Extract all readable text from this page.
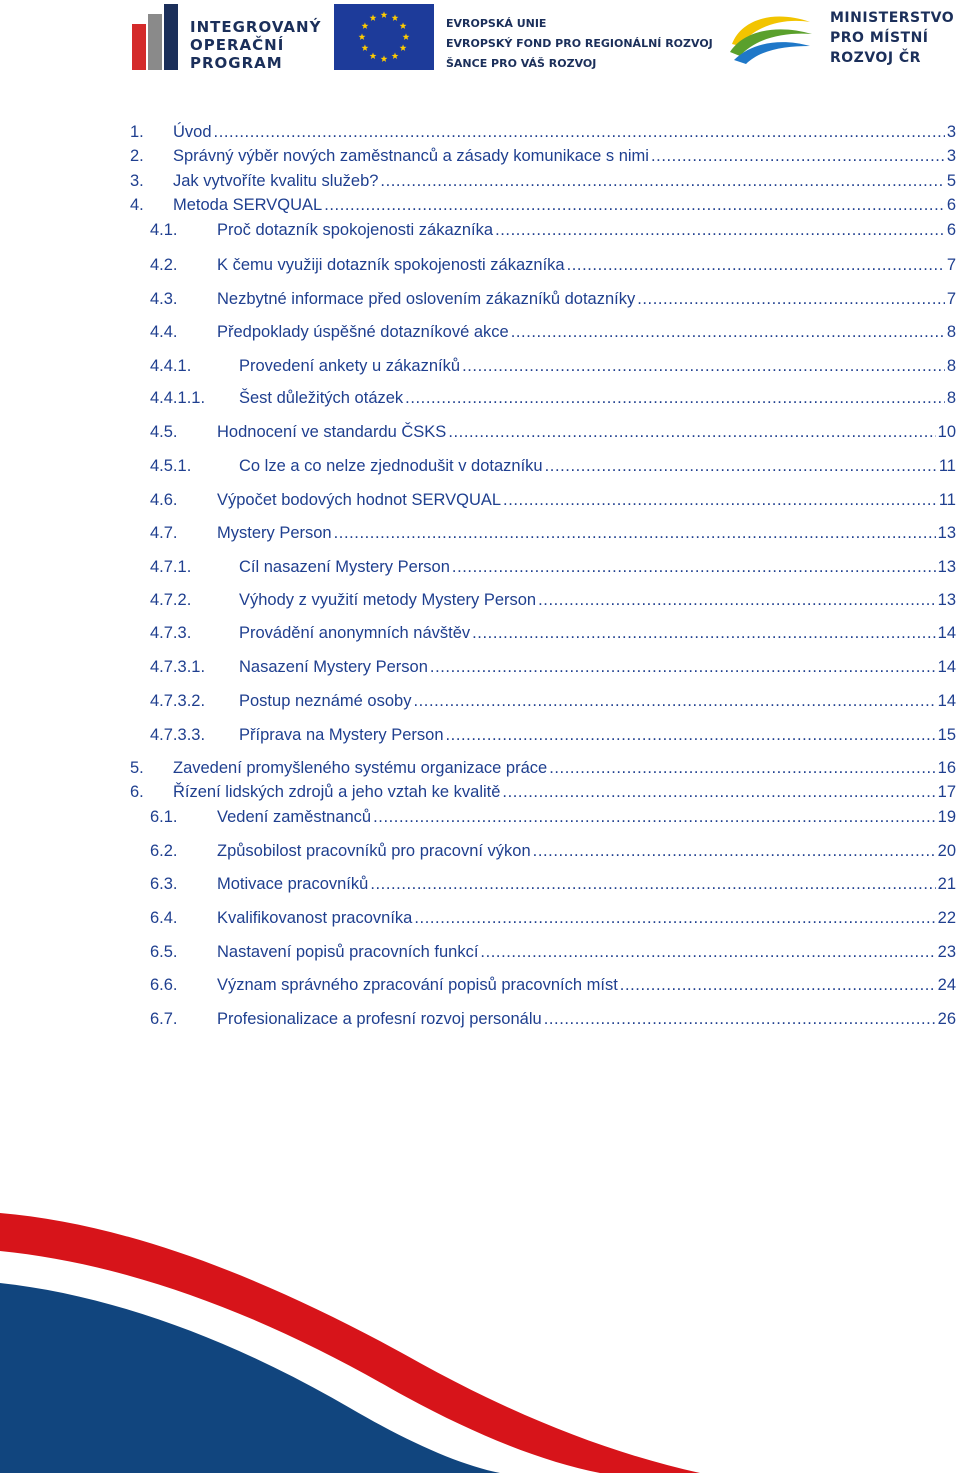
INTEGROVANÝ
OPERAČNÍ
PROGRAM
EVROPSKÁ UNIE
EVROPSKÝ FOND PRO REGIONÁLNÍ ROZVOJ
ŠANCE PRO VÁŠ ROZVOJ
MINISTERSTVO
PRO MÍSTNÍ
ROZVOJ ČR
1.	Úvod . . .	3
2.	Správný výběr nových zaměstnanců a zásady komunikace s nimi . . .	3
3.	Jak vytvoříte kvalitu služeb? . . .	5
4.	Metoda SERVQUAL . . .	6
4.1.	Proč dotazník spokojenosti zákazníka . . .	6
4.2.	K čemu využiji dotazník spokojenosti zákazníka . . .	7
4.3.	Nezbytné informace před oslovením zákazníků dotazníky . . .	7
4.4.	Předpoklady úspěšné dotazníkové akce . . .	8
4.4.1.	Provedení ankety u zákazníků . . .	8
4.4.1.1.	Šest důležitých otázek . . .	8
4.5.	Hodnocení ve standardu ČSKS . . .	10
4.5.1.	Co lze a co nelze zjednodušit v dotazníku . . .	11
4.6.	Výpočet bodových hodnot SERVQUAL . . .	11
4.7.	Mystery Person . . .	13
4.7.1.	Cíl nasazení Mystery Person . . .	13
4.7.2.	Výhody z využití metody Mystery Person . . .	13
4.7.3.	Provádění anonymních návštěv . . .	14
4.7.3.1.	Nasazení Mystery Person . . .	14
4.7.3.2.	Postup neznámé osoby . . .	14
4.7.3.3.	Příprava na Mystery Person . . .	15
5.	Zavedení promyšleného systému organizace práce . . .	16
6.	Řízení lidských zdrojů a jeho vztah ke kvalitě . . .	17
6.1.	Vedení zaměstnanců . . .	19
6.2.	Způsobilost pracovníků pro pracovní výkon . . .	20
6.3.	Motivace pracovníků . . .	21
6.4.	Kvalifikovanost pracovníka . . .	22
6.5.	Nastavení popisů pracovních funkcí . . .	23
6.6.	Význam správného zpracování popisů pracovních míst . . .	24
6.7.	Profesionalizace a profesní rozvoj personálu . . .	26
